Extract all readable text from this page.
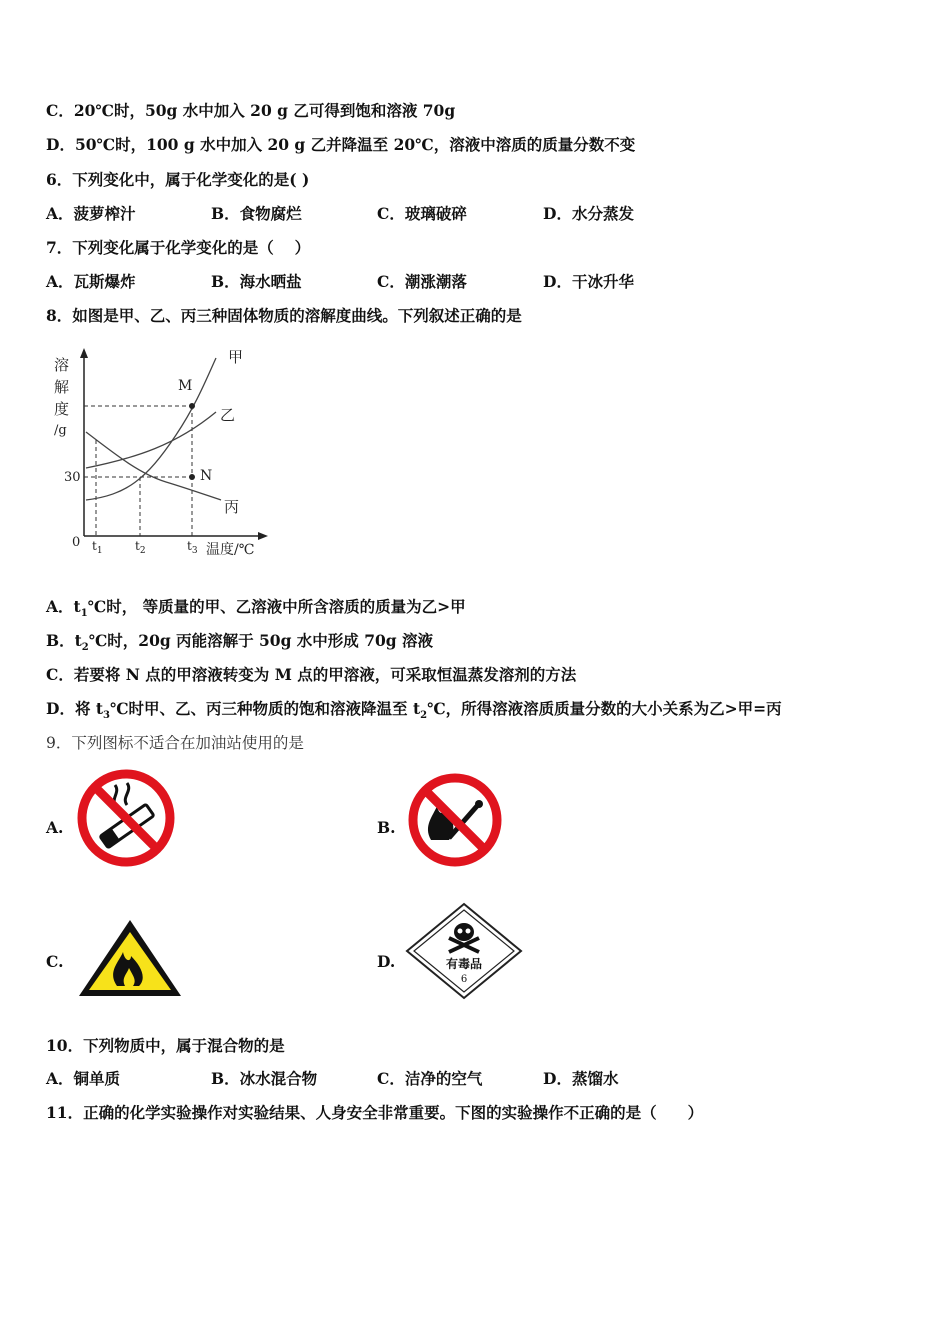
C．20℃时，50g 水中加入 20 g 乙可得到饱和溶液 70g
D．50℃时，100 g 水中加入 20 g 乙并降温至 20℃，溶液中溶质的质量分数不变
6．下列变化中，属于化学变化的是( )
A．菠萝榨汁	B．食物腐烂	C．玻璃破碎	D．水分蒸发
7．下列变化属于化学变化的是（　 ）
A．瓦斯爆炸	B．海水晒盐	C．潮涨潮落	D．干冰升华
8．如图是甲、乙、丙三种固体物质的溶解度曲线。下列叙述正确的是
溶
解
度
/g
M
N
甲
乙
丙
30
0 $t_1$	$t_2$	$t_3$ 温度/℃
A．$t_1℃$时， 等质量的甲、乙溶液中所含溶质的质量为乙>甲
B．$t_2℃$时，20g 丙能溶解于 50g 水中形成 70g 溶液
C．若要将 N 点的甲溶液转变为 M 点的甲溶液，可采取恒温蒸发溶剂的方法
D．将 $t_3℃$时甲、乙、丙三种物质的饱和溶液降温至 $t_2℃$，所得溶液溶质质量分数的大小关系为乙>甲=丙
9．下列图标不适合在加油站使用的是
A.	B.
C.	D.	有毒品
6
10．下列物质中，属于混合物的是
A．铜单质	B．冰水混合物	C．洁净的空气	D．蒸馏水
11．正确的化学实验操作对实验结果、人身安全非常重要。下图的实验操作不正确的是（　　）
